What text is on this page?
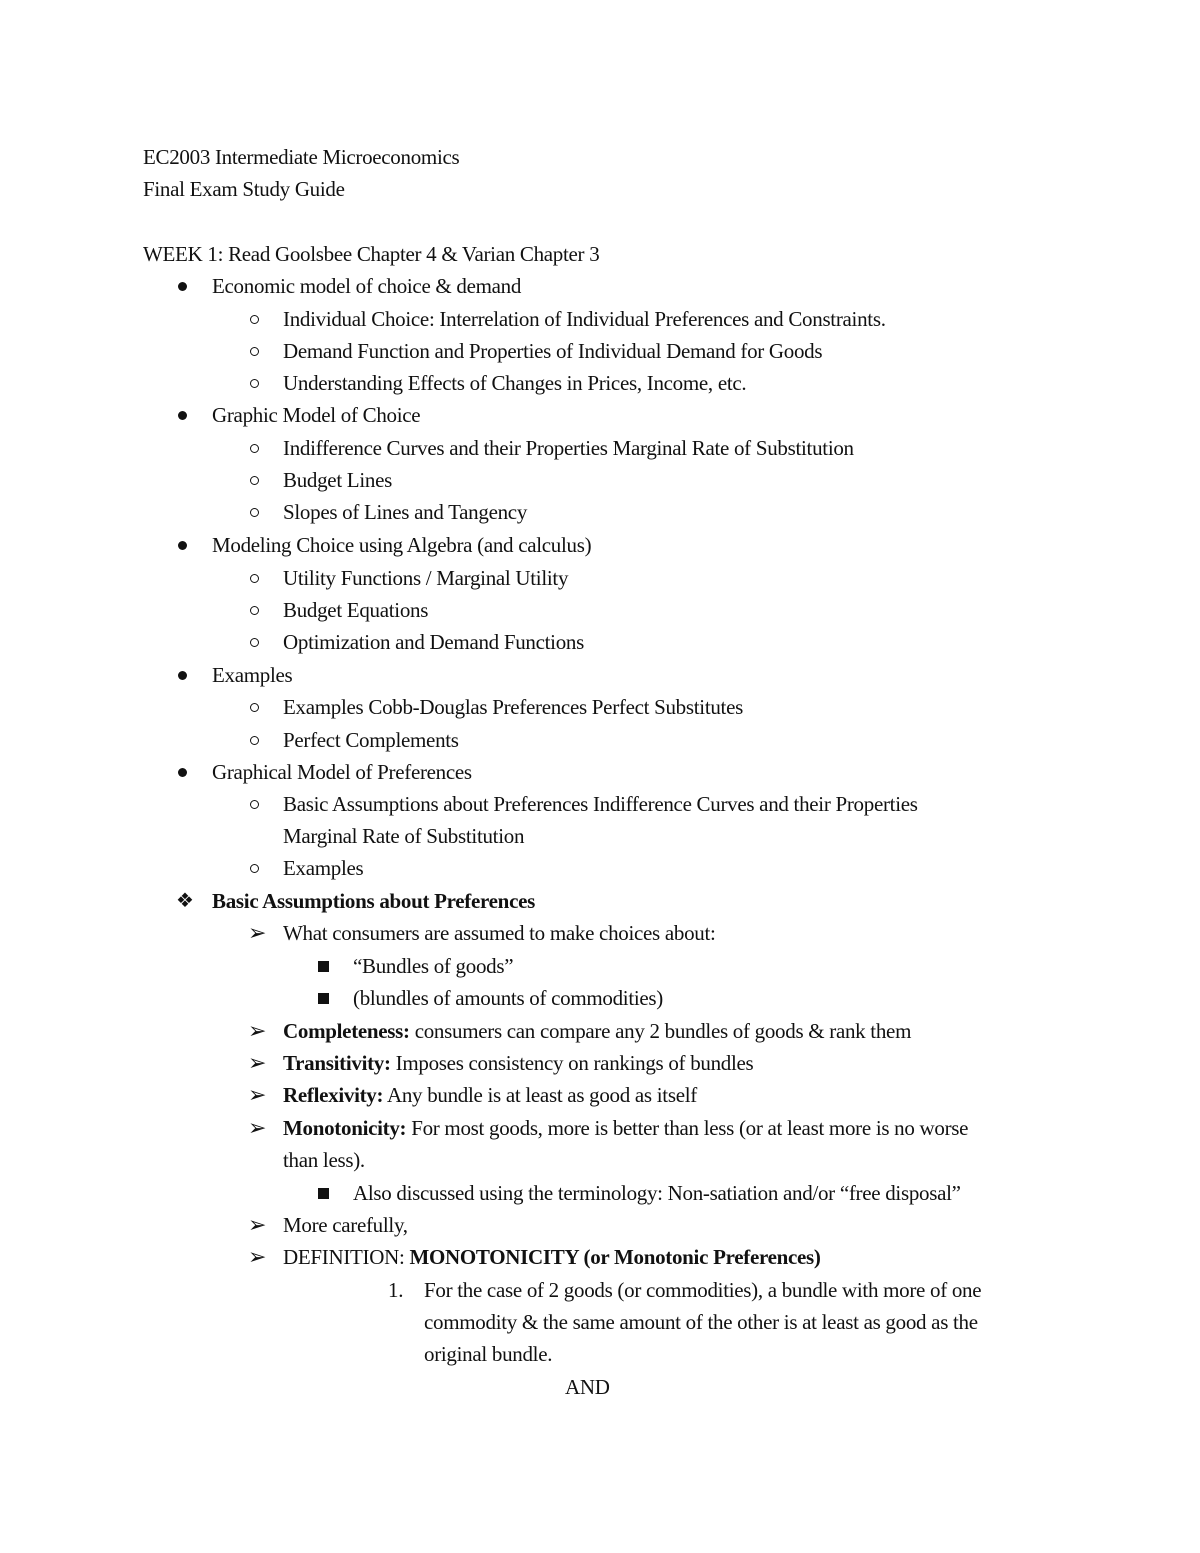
EC2003 Intermediate Microeconomics
Final Exam Study Guide
WEEK 1: Read Goolsbee Chapter 4 & Varian Chapter 3
Economic model of choice & demand
Individual Choice: Interrelation of Individual Preferences and Constraints.
Demand Function and Properties of Individual Demand for Goods
Understanding Effects of Changes in Prices, Income, etc.
Graphic Model of Choice
Indifference Curves and their Properties Marginal Rate of Substitution
Budget Lines
Slopes of Lines and Tangency
Modeling Choice using Algebra (and calculus)
Utility Functions / Marginal Utility
Budget Equations
Optimization and Demand Functions
Examples
Examples Cobb-Douglas Preferences Perfect Substitutes
Perfect Complements
Graphical Model of Preferences
Basic Assumptions about Preferences Indifference Curves and their Properties
Marginal Rate of Substitution
Examples
❖ Basic Assumptions about Preferences
➢ What consumers are assumed to make choices about:
“Bundles of goods”
(blundles of amounts of commodities)
➢ Completeness: consumers can compare any 2 bundles of goods & rank them
➢ Transitivity: Imposes consistency on rankings of bundles
➢ Reflexivity: Any bundle is at least as good as itself
➢ Monotonicity: For most goods, more is better than less (or at least more is no worse
than less).
Also discussed using the terminology: Non-satiation and/or “free disposal”
➢ More carefully,
➢ DEFINITION: MONOTONICITY (or Monotonic Preferences)
1. For the case of 2 goods (or commodities), a bundle with more of one
commodity & the same amount of the other is at least as good as the
original bundle.
AND
